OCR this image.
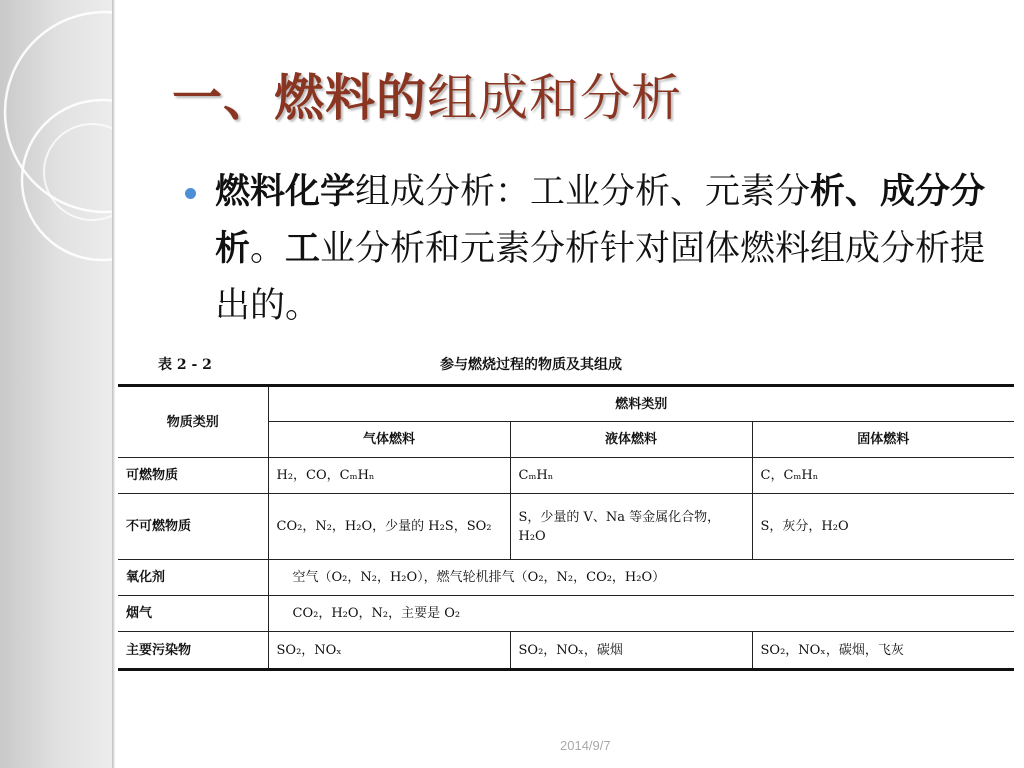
一、燃料的组成和分析

燃料化学组成分析：工业分析、元素分析、成分分析。工业分析和元素分析针对固体燃料组成分析提出的。

表 2 - 2	参与燃烧过程的物质及其组成
物质类别	燃料类别		
	气体燃料	液体燃料	固体燃料
可燃物质	H₂，CO，CₘHₙ	CₘHₙ	C，CₘHₙ
不可燃物质	CO₂，N₂，H₂O，少量的 H₂S，SO₂	S，少量的 V、Na 等金属化合物，H₂O	S，灰分，H₂O
氧化剂	空气（O₂，N₂，H₂O），燃气轮机排气（O₂，N₂，CO₂，H₂O）		
烟气	CO₂，H₂O，N₂，主要是 O₂		
主要污染物	SO₂，NOₓ	SO₂，NOₓ，碳烟	SO₂，NOₓ，碳烟，飞灰
2014/9/7
